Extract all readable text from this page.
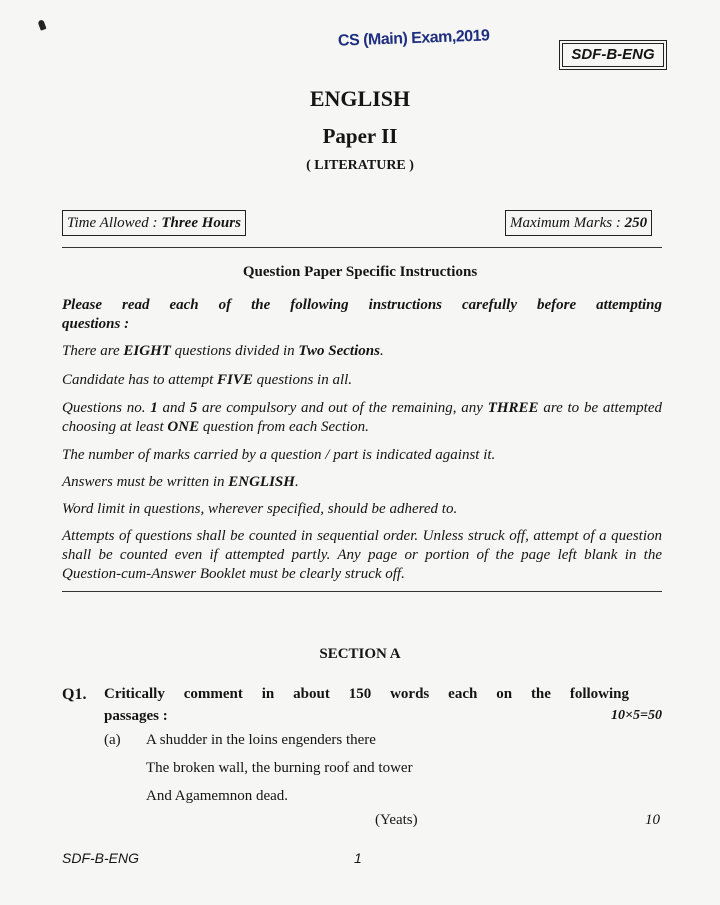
CS (Main) Exam,2019
SDF-B-ENG
ENGLISH
Paper II
( LITERATURE )
Time Allowed : Three Hours	Maximum Marks : 250
Question Paper Specific Instructions
Please read each of the following instructions carefully before attempting
questions :
There are EIGHT questions divided in Two Sections.
Candidate has to attempt FIVE questions in all.
Questions no. 1 and 5 are compulsory and out of the remaining, any THREE are to be attempted choosing at least ONE question from each Section.
The number of marks carried by a question / part is indicated against it.
Answers must be written in ENGLISH.
Word limit in questions, wherever specified, should be adhered to.
Attempts of questions shall be counted in sequential order. Unless struck off, attempt of a question shall be counted even if attempted partly. Any page or portion of the page left blank in the Question-cum-Answer Booklet must be clearly struck off.
SECTION A
Q1. Critically comment in about 150 words each on the following
passages :	10×5=50
(a) A shudder in the loins engenders there
The broken wall, the burning roof and tower
And Agamemnon dead.
(Yeats)	10
SDF-B-ENG	1
